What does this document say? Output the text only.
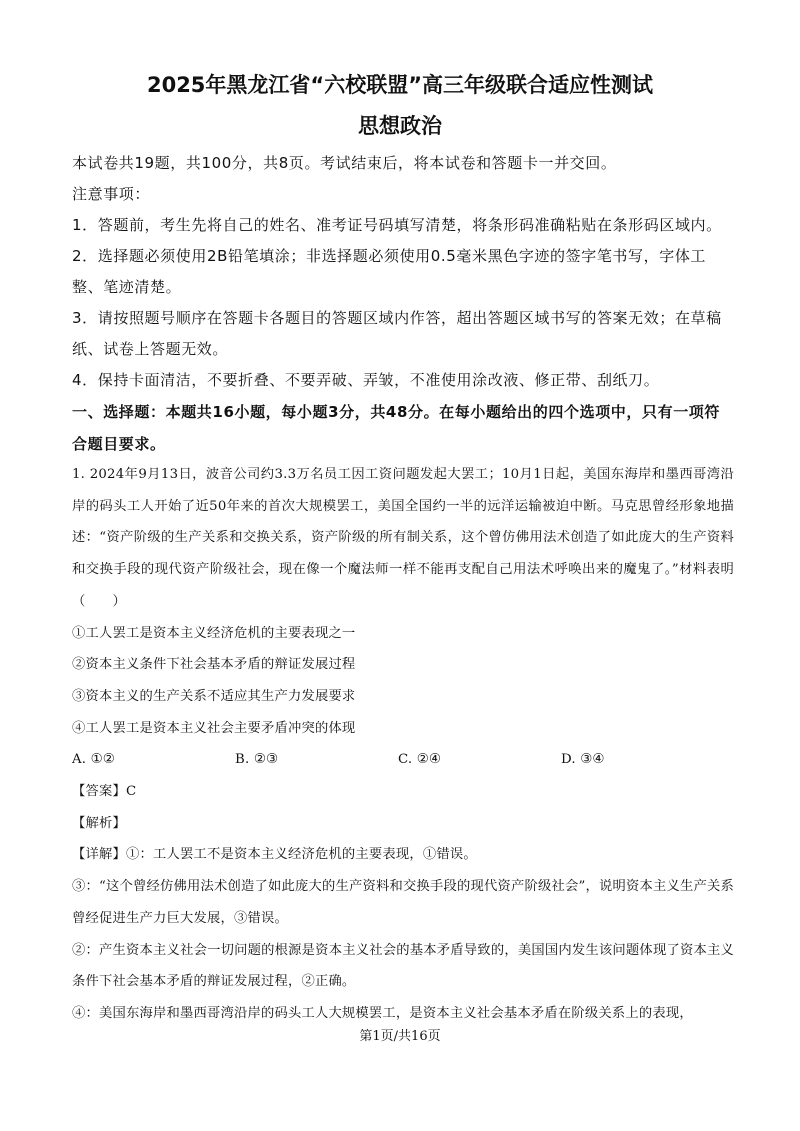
2025年黑龙江省“六校联盟”高三年级联合适应性测试
思想政治

本试卷共19题，共100分，共8页。考试结束后，将本试卷和答题卡一并交回。

注意事项：

1．答题前，考生先将自己的姓名、准考证号码填写清楚，将条形码准确粘贴在条形码区域内。

2．选择题必须使用2B铅笔填涂；非选择题必须使用0.5毫米黑色字迹的签字笔书写，字体工整、笔迹清楚。

3．请按照题号顺序在答题卡各题目的答题区域内作答，超出答题区域书写的答案无效；在草稿纸、试卷上答题无效。

4．保持卡面清洁，不要折叠、不要弄破、弄皱，不准使用涂改液、修正带、刮纸刀。

一、选择题：本题共16小题，每小题3分，共48分。在每小题给出的四个选项中，只有一项符合题目要求。

1. 2024年9月13日，波音公司约3.3万名员工因工资问题发起大罢工；10月1日起，美国东海岸和墨西哥湾沿岸的码头工人开始了近50年来的首次大规模罢工，美国全国约一半的远洋运输被迫中断。马克思曾经形象地描述：“资产阶级的生产关系和交换关系，资产阶级的所有制关系，这个曾仿佛用法术创造了如此庞大的生产资料和交换手段的现代资产阶级社会，现在像一个魔法师一样不能再支配自己用法术呼唤出来的魔鬼了。”材料表明（　　）

①工人罢工是资本主义经济危机的主要表现之一

②资本主义条件下社会基本矛盾的辩证发展过程

③资本主义的生产关系不适应其生产力发展要求

④工人罢工是资本主义社会主要矛盾冲突的体现

A. ①②	B. ②③	C. ②④	D. ③④

【答案】C

【解析】

【详解】①：工人罢工不是资本主义经济危机的主要表现，①错误。

③：“这个曾经仿佛用法术创造了如此庞大的生产资料和交换手段的现代资产阶级社会”，说明资本主义生产关系曾经促进生产力巨大发展，③错误。

②：产生资本主义社会一切问题的根源是资本主义社会的基本矛盾导致的，美国国内发生该问题体现了资本主义条件下社会基本矛盾的辩证发展过程，②正确。

④：美国东海岸和墨西哥湾沿岸的码头工人大规模罢工，是资本主义社会基本矛盾在阶级关系上的表现，

第1页/共16页
